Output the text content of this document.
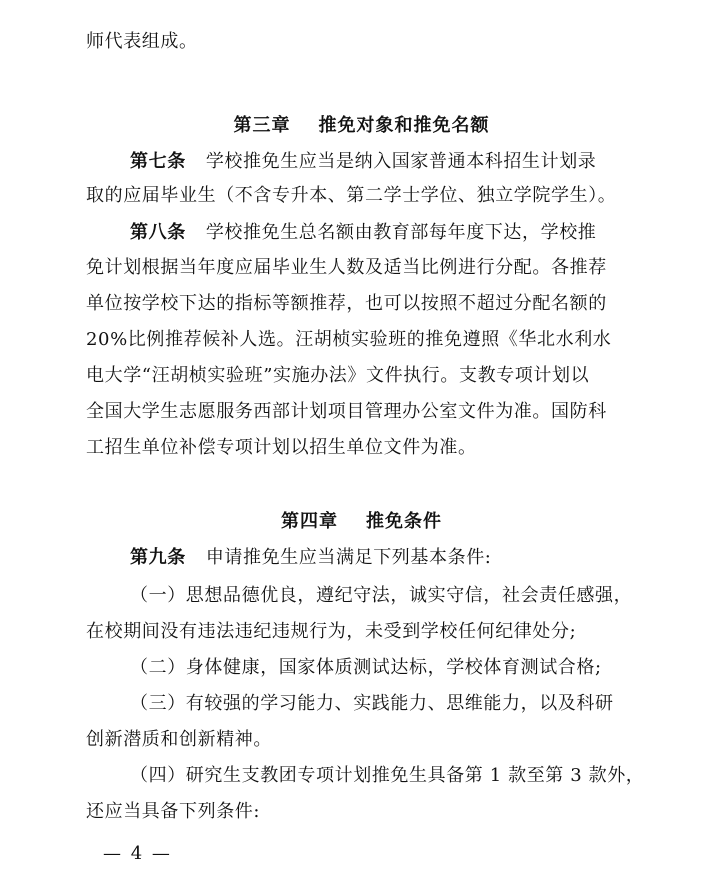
师代表组成。
第三章 推免对象和推免名额
第七条 学校推免生应当是纳入国家普通本科招生计划录
取的应届毕业生（不含专升本、第二学士学位、独立学院学生）。
第八条 学校推免生总名额由教育部每年度下达，学校推
免计划根据当年度应届毕业生人数及适当比例进行分配。各推荐
单位按学校下达的指标等额推荐，也可以按照不超过分配名额的
20%比例推荐候补人选。汪胡桢实验班的推免遵照《华北水利水
电大学“汪胡桢实验班”实施办法》文件执行。支教专项计划以
全国大学生志愿服务西部计划项目管理办公室文件为准。国防科
工招生单位补偿专项计划以招生单位文件为准。
第四章 推免条件
第九条 申请推免生应当满足下列基本条件:
（一）思想品德优良，遵纪守法，诚实守信，社会责任感强，
在校期间没有违法违纪违规行为，未受到学校任何纪律处分;
（二）身体健康，国家体质测试达标，学校体育测试合格;
（三）有较强的学习能力、实践能力、思维能力，以及科研
创新潜质和创新精神。
（四）研究生支教团专项计划推免生具备第 1 款至第 3 款外，
还应当具备下列条件:
— 4 —
